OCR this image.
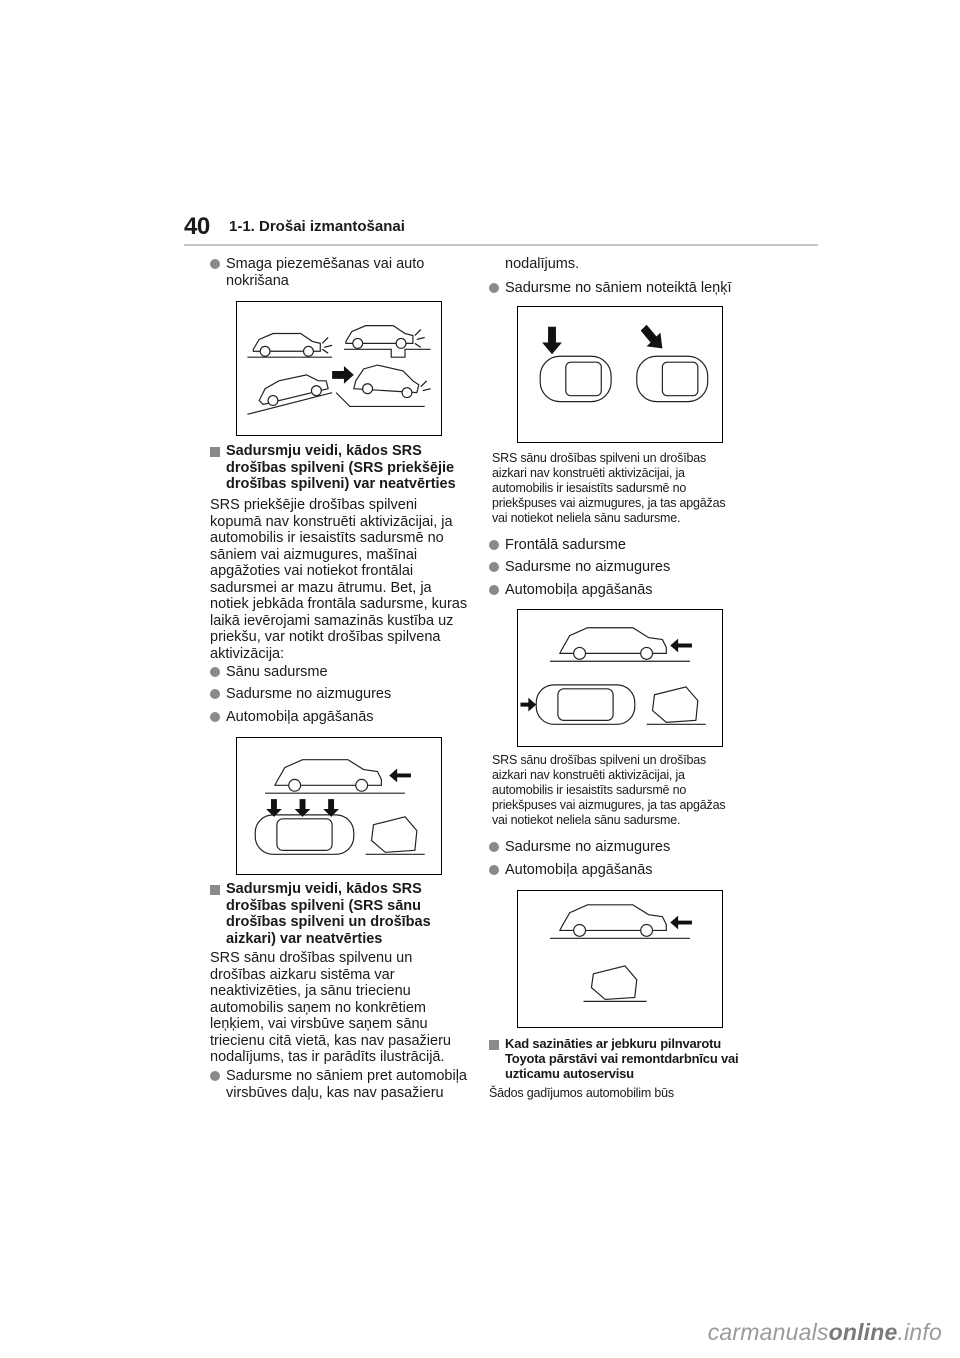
40 1-1. Drošai izmantošanai
Smaga piezemēšanas vai auto
nokrišana
Sadursmju veidi, kādos SRS
drošības spilveni (SRS priekšējie
drošības spilveni) var neatvērties
SRS priekšējie drošības spilveni
kopumā nav konstruēti aktivizācijai, ja
automobilis ir iesaistīts sadursmē no
sāniem vai aizmugures, mašīnai
apgāžoties vai notiekot frontālai
sadursmei ar mazu ātrumu. Bet, ja
notiek jebkāda frontāla sadursme, kuras
laikā ievērojami samazinās kustība uz
priekšu, var notikt drošības spilvena
aktivizācija:
Sānu sadursme
Sadursme no aizmugures
Automobiļa apgāšanās
Sadursmju veidi, kādos SRS
drošības spilveni (SRS sānu
drošības spilveni un drošības
aizkari) var neatvērties
SRS sānu drošības spilvenu un
drošības aizkaru sistēma var
neaktivizēties, ja sānu triecienu
automobilis saņem no konkrētiem
leņķiem, vai virsbūve saņem sānu
triecienu citā vietā, kas nav pasažieru
nodalījums, tas ir parādīts ilustrācijā.
Sadursme no sāniem pret automobiļa
virsbūves daļu, kas nav pasažieru
nodalījums.
Sadursme no sāniem noteiktā leņķī
SRS sānu drošības spilveni un drošības
aizkari nav konstruēti aktivizācijai, ja
automobilis ir iesaistīts sadursmē no
priekšpuses vai aizmugures, ja tas apgāžas
vai notiekot neliela sānu sadursme.
Frontālā sadursme
Sadursme no aizmugures
Automobiļa apgāšanās
SRS sānu drošības spilveni un drošības
aizkari nav konstruēti aktivizācijai, ja
automobilis ir iesaistīts sadursmē no
priekšpuses vai aizmugures, ja tas apgāžas
vai notiekot neliela sānu sadursme.
Sadursme no aizmugures
Automobiļa apgāšanās
Kad sazināties ar jebkuru pilnvarotu
Toyota pārstāvi vai remontdarbnīcu vai
uzticamu autoservisu
Šādos gadījumos automobilim būs
carmanualsonline.info
